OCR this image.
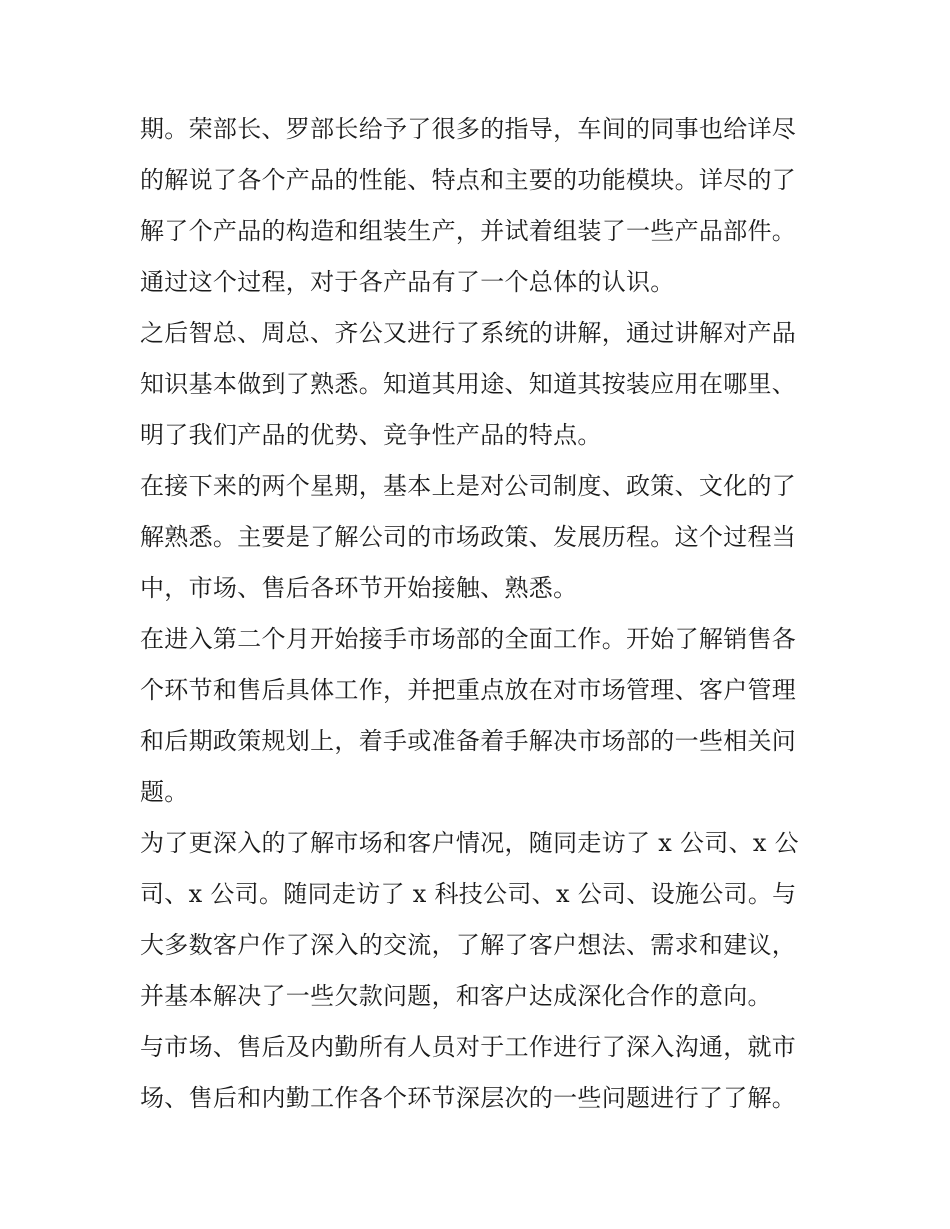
期。荣部长、罗部长给予了很多的指导，车间的同事也给详尽
的解说了各个产品的性能、特点和主要的功能模块。详尽的了
解了个产品的构造和组装生产，并试着组装了一些产品部件。
通过这个过程，对于各产品有了一个总体的认识。
之后智总、周总、齐公又进行了系统的讲解，通过讲解对产品
知识基本做到了熟悉。知道其用途、知道其按装应用在哪里、
明了我们产品的优势、竞争性产品的特点。
在接下来的两个星期，基本上是对公司制度、政策、文化的了
解熟悉。主要是了解公司的市场政策、发展历程。这个过程当
中，市场、售后各环节开始接触、熟悉。
在进入第二个月开始接手市场部的全面工作。开始了解销售各
个环节和售后具体工作，并把重点放在对市场管理、客户管理
和后期政策规划上，着手或准备着手解决市场部的一些相关问
题。
为了更深入的了解市场和客户情况，随同走访了 x 公司、x 公
司、x 公司。随同走访了 x 科技公司、x 公司、设施公司。与
大多数客户作了深入的交流，了解了客户想法、需求和建议，
并基本解决了一些欠款问题，和客户达成深化合作的意向。
与市场、售后及内勤所有人员对于工作进行了深入沟通，就市
场、售后和内勤工作各个环节深层次的一些问题进行了了解。
